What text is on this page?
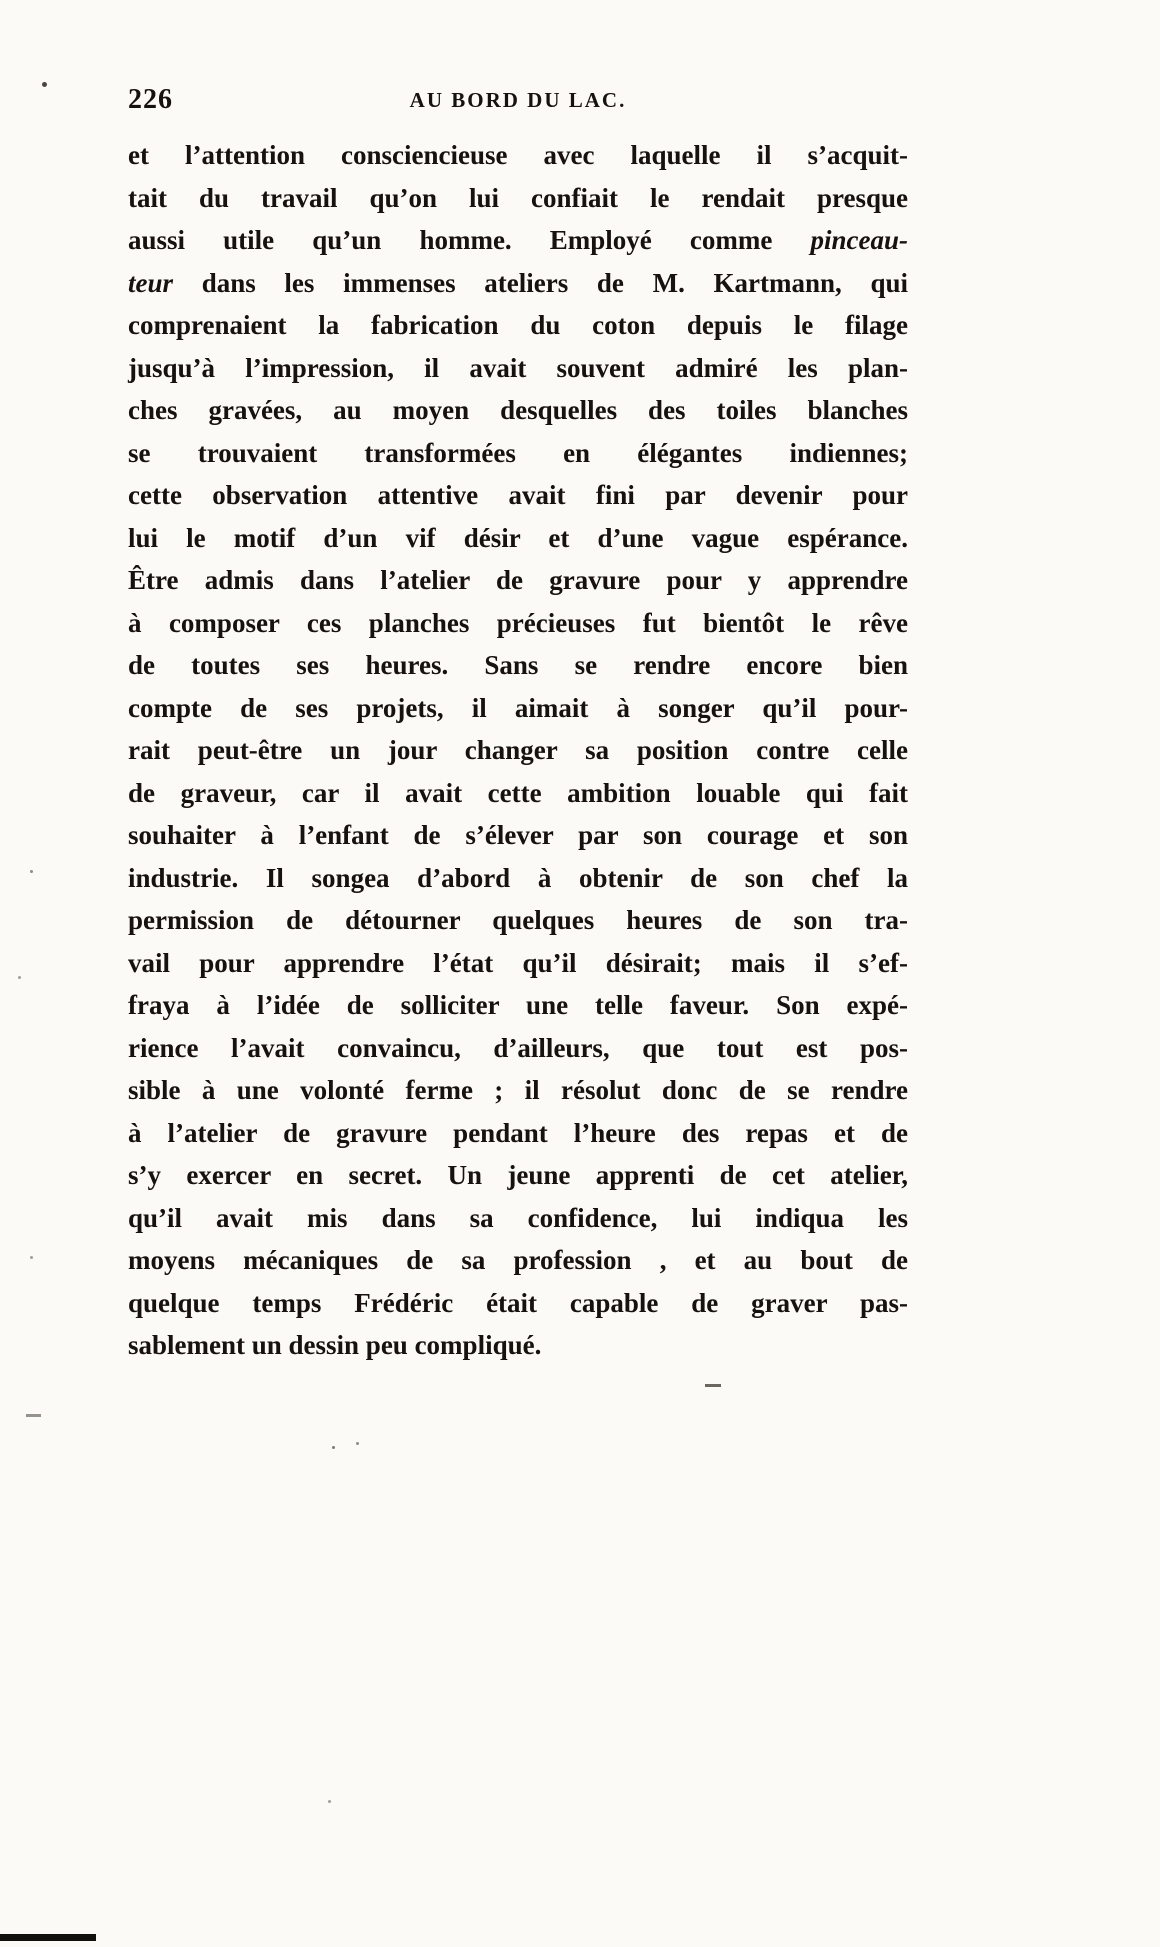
226	AU BORD DU LAC.
et l’attention consciencieuse avec laquelle il s’acquit-
tait du travail qu’on lui confiait le rendait presque
aussi utile qu’un homme. Employé comme pinceau-
teur dans les immenses ateliers de M. Kartmann, qui
comprenaient la fabrication du coton depuis le filage
jusqu’à l’impression, il avait souvent admiré les plan-
ches gravées, au moyen desquelles des toiles blanches
se trouvaient transformées en élégantes indiennes;
cette observation attentive avait fini par devenir pour
lui le motif d’un vif désir et d’une vague espérance.
Être admis dans l’atelier de gravure pour y apprendre
à composer ces planches précieuses fut bientôt le rêve
de toutes ses heures. Sans se rendre encore bien
compte de ses projets, il aimait à songer qu’il pour-
rait peut-être un jour changer sa position contre celle
de graveur, car il avait cette ambition louable qui fait
souhaiter à l’enfant de s’élever par son courage et son
industrie. Il songea d’abord à obtenir de son chef la
permission de détourner quelques heures de son tra-
vail pour apprendre l’état qu’il désirait; mais il s’ef-
fraya à l’idée de solliciter une telle faveur. Son expé-
rience l’avait convaincu, d’ailleurs, que tout est pos-
sible à une volonté ferme ; il résolut donc de se rendre
à l’atelier de gravure pendant l’heure des repas et de
s’y exercer en secret. Un jeune apprenti de cet atelier,
qu’il avait mis dans sa confidence, lui indiqua les
moyens mécaniques de sa profession , et au bout de
quelque temps Frédéric était capable de graver pas-
sablement un dessin peu compliqué.
